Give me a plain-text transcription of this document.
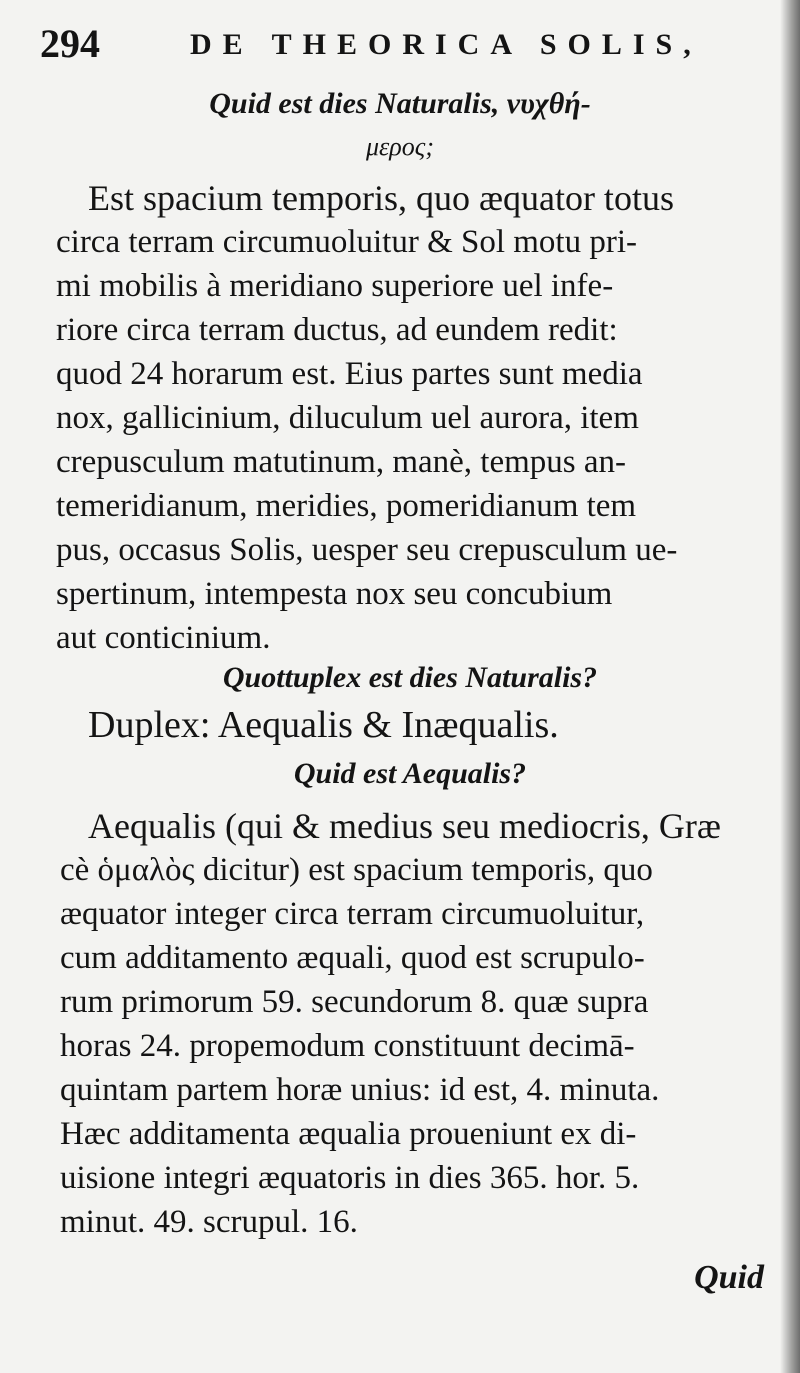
294	DE THEORICA SOLIS,
Quid est dies Naturalis, νυχθή-
μερος;
Est spacium temporis, quo æquator totus
circa terram circumuoluitur & Sol motu pri-
mi mobilis à meridiano superiore uel infe-
riore circa terram ductus, ad eundem redit:
quod 24 horarum est. Eius partes sunt media
nox, gallicinium, diluculum uel aurora, item
crepusculum matutinum, manè, tempus an-
temeridianum, meridies, pomeridianum tem
pus, occasus Solis, uesper seu crepusculum ue-
spertinum, intempesta nox seu concubium
aut conticinium.
Quottuplex est dies Naturalis?
Duplex: Aequalis & Inæqualis.
Quid est Aequalis?
Aequalis (qui & medius seu mediocris, Græ
cè ὁμαλὸς dicitur) est spacium temporis, quo
æquator integer circa terram circumuoluitur,
cum additamento æquali, quod est scrupulo-
rum primorum 59. secundorum 8. quæ supra
horas 24. propemodum constituunt decimā-
quintam partem horæ unius: id est, 4. minuta.
Hæc additamenta æqualia proueniunt ex di-
uisione integri æquatoris in dies 365. hor. 5.
minut. 49. scrupul. 16.
Quid
